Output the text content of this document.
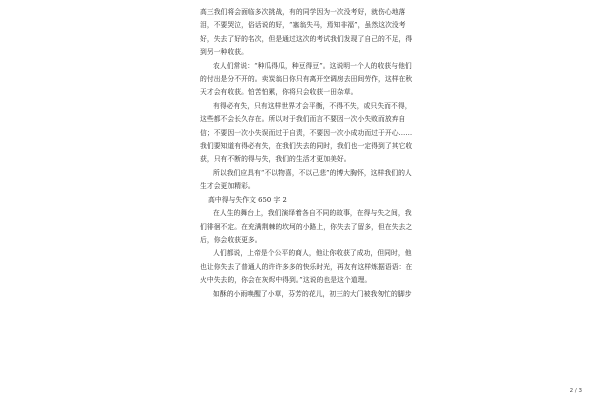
高三我们将会面临多次挑战，有的同学因为一次没考好，就伤心地落泪，不要哭泣，俗话说的好，“塞翁失马，焉知非福”，虽然这次没考好，失去了好的名次，但是通过这次的考试我们发现了自己的不足，得到另一种收获。

农人们常说：“种瓜得瓜，种豆得豆”。这说明一个人的收获与他们的付出是分不开的。卖炭翁日你只有离开空调房去田间劳作，这样在秋天才会有收获。怕苦怕累，你将只会收获一田杂草。

有得必有失，只有这样世界才会平衡，不得不失，或只失而不得，这些都不会长久存在。所以对于我们而言不要因一次小失败而放弃自信；不要因一次小失误而过于自责，不要因一次小成功而过于开心……我们要知道有得必有失，在我们失去的同时，我们也一定得到了其它收获，只有不断的得与失，我们的生活才更加美好。

所以我们应具有“不以物喜，不以己悲”的博大胸怀，这样我们的人生才会更加精彩。

高中得与失作文 650 字 2

在人生的舞台上，我们演绎着各自不同的故事，在得与失之间，我们徘徊不定。在充满荆棘的坎坷的小路上，你失去了留多，但在失去之后，你会收获更多。

人们都说，上帝是个公平的商人，他让你收获了成功，但同时，他也让你失去了普通人的许许多多的快乐时光，再友有这样炼据语语：在火中失去的，你会在灰烬中得到。”这说的也是这个道理。

如酥的小雨唤醒了小草，芬芳的花儿，初三的大门被我匆忙的脚步

2 / 3
